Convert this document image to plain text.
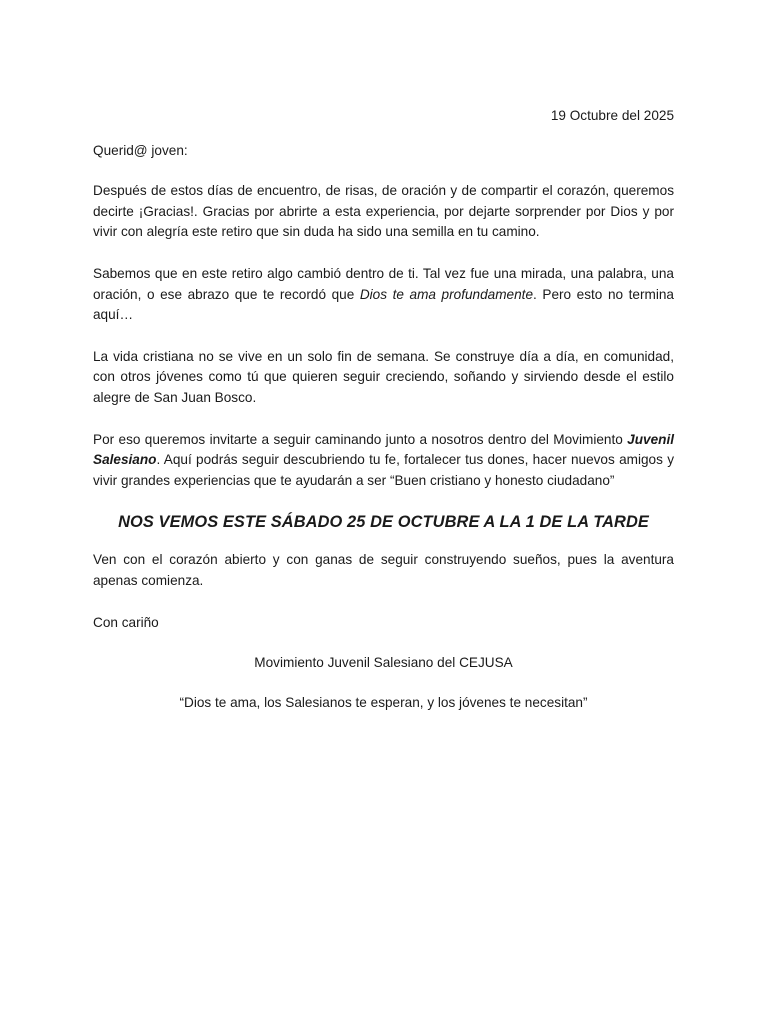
19 Octubre del 2025

Querid@ joven:

Después de estos días de encuentro, de risas, de oración y de compartir el corazón, queremos decirte ¡Gracias!. Gracias por abrirte a esta experiencia, por dejarte sorprender por Dios y por vivir con alegría este retiro que sin duda ha sido una semilla en tu camino.

Sabemos que en este retiro algo cambió dentro de ti. Tal vez fue una mirada, una palabra, una oración, o ese abrazo que te recordó que Dios te ama profundamente. Pero esto no termina aquí…

La vida cristiana no se vive en un solo fin de semana. Se construye día a día, en comunidad, con otros jóvenes como tú que quieren seguir creciendo, soñando y sirviendo desde el estilo alegre de San Juan Bosco.

Por eso queremos invitarte a seguir caminando junto a nosotros dentro del Movimiento Juvenil Salesiano. Aquí podrás seguir descubriendo tu fe, fortalecer tus dones, hacer nuevos amigos y vivir grandes experiencias que te ayudarán a ser “Buen cristiano y honesto ciudadano”

NOS VEMOS ESTE SÁBADO 25 DE OCTUBRE A LA 1 DE LA TARDE

Ven con el corazón abierto y con ganas de seguir construyendo sueños, pues la aventura apenas comienza.

Con cariño

Movimiento Juvenil Salesiano del CEJUSA

“Dios te ama, los Salesianos te esperan, y los jóvenes te necesitan”
